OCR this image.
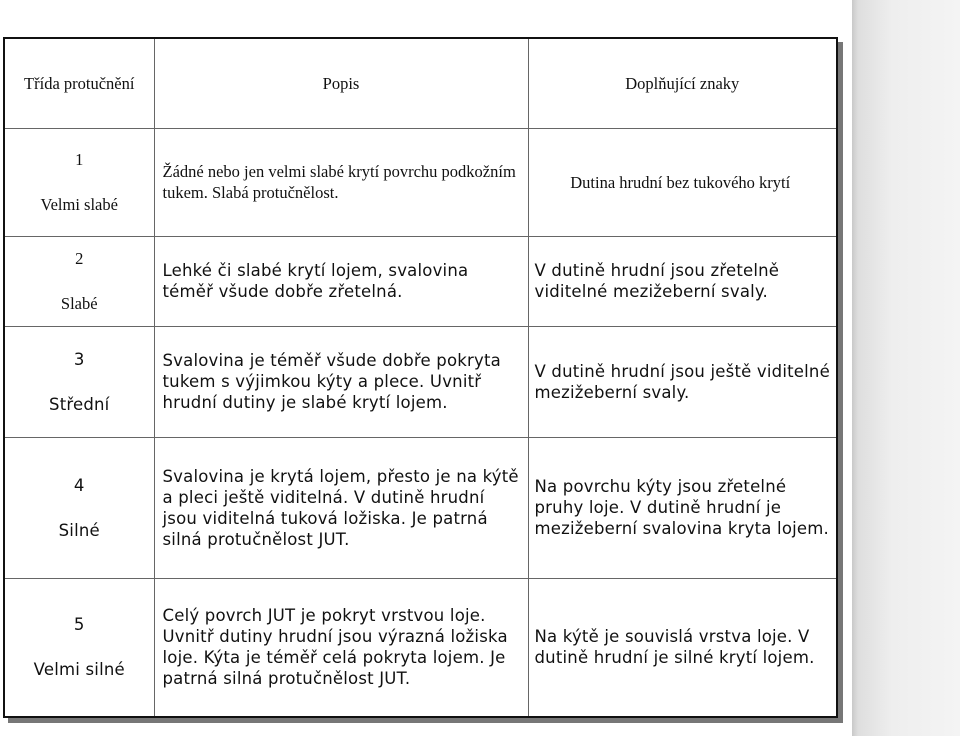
Třída protučnění	Popis	Doplňující znaky

1
Velmi slabé	Žádné nebo jen velmi slabé krytí povrchu podkožním tukem. Slabá protučnělost.	Dutina hrudní bez tukového krytí

2
Slabé	Lehké či slabé krytí lojem, svalovina téměř všude dobře zřetelná.	V dutině hrudní jsou zřetelně viditelné mezižeberní svaly.

3
Střední	Svalovina je téměř všude dobře pokryta tukem s výjimkou kýty a plece. Uvnitř hrudní dutiny je slabé krytí lojem.	V dutině hrudní jsou ještě viditelné mezižeberní svaly.

4
Silné	Svalovina je krytá lojem, přesto je na kýtě a pleci ještě viditelná. V dutině hrudní jsou viditelná tuková ložiska. Je patrná silná protučnělost JUT.	Na povrchu kýty jsou zřetelné pruhy loje. V dutině hrudní je mezižeberní svalovina kryta lojem.

5
Velmi silné	Celý povrch JUT je pokryt vrstvou loje. Uvnitř dutiny hrudní jsou výrazná ložiska loje. Kýta je téměř celá pokryta lojem. Je patrná silná protučnělost JUT.	Na kýtě je souvislá vrstva loje. V dutině hrudní je silné krytí lojem.
